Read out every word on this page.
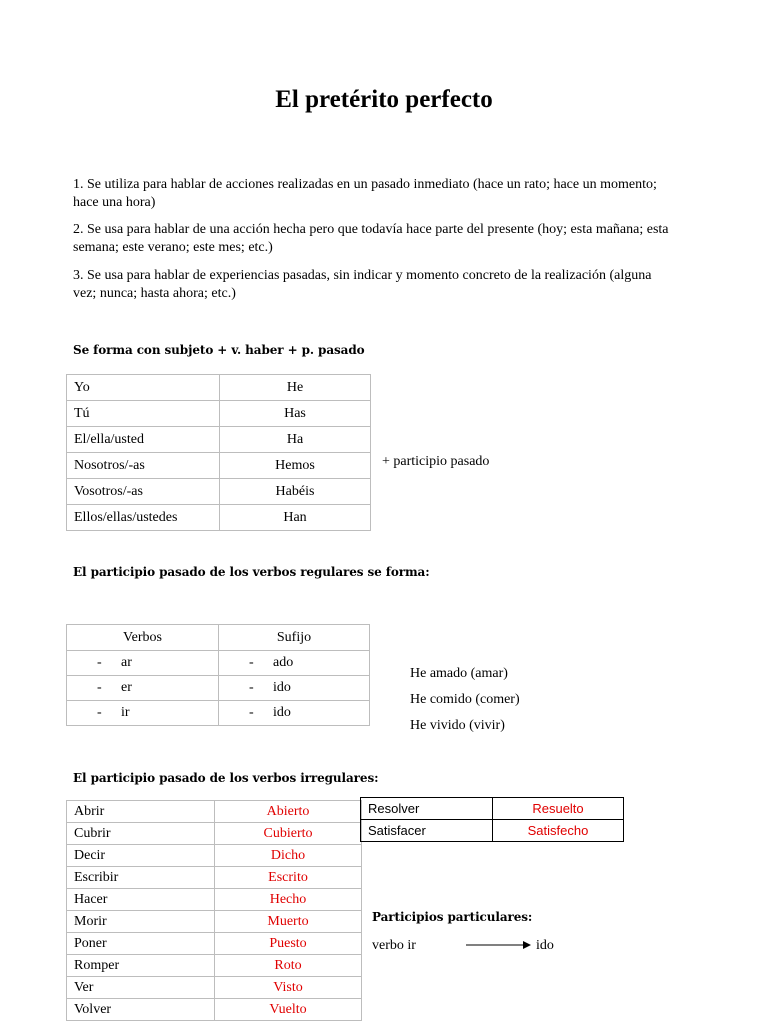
El pretérito perfecto
1. Se utiliza para hablar de acciones realizadas en un pasado inmediato (hace un rato; hace un momento; hace una hora)
2. Se usa para hablar de una acción hecha pero que todavía hace parte del presente (hoy; esta mañana; esta semana; este verano; este mes; etc.)
3. Se usa para hablar de experiencias pasadas, sin indicar y momento concreto de la realización (alguna vez; nunca; hasta ahora; etc.)
Se forma con subjeto + v. haber + p. pasado
Yo	He
Tú	Has
El/ella/usted	Ha
Nosotros/-as	Hemos
Vosotros/-as	Habéis
Ellos/ellas/ustedes	Han
+ participio pasado
El participio pasado de los verbos regulares se forma:
Verbos	Sufijo
- ar	- ado
- er	- ido
- ir	- ido
He amado (amar)
He comido (comer)
He vivido (vivir)
El participio pasado de los verbos irregulares:
Abrir	Abierto
Cubrir	Cubierto
Decir	Dicho
Escribir	Escrito
Hacer	Hecho
Morir	Muerto
Poner	Puesto
Romper	Roto
Ver	Visto
Volver	Vuelto
Resolver	Resuelto
Satisfacer	Satisfecho
Participios particulares:
verbo ir	ido
